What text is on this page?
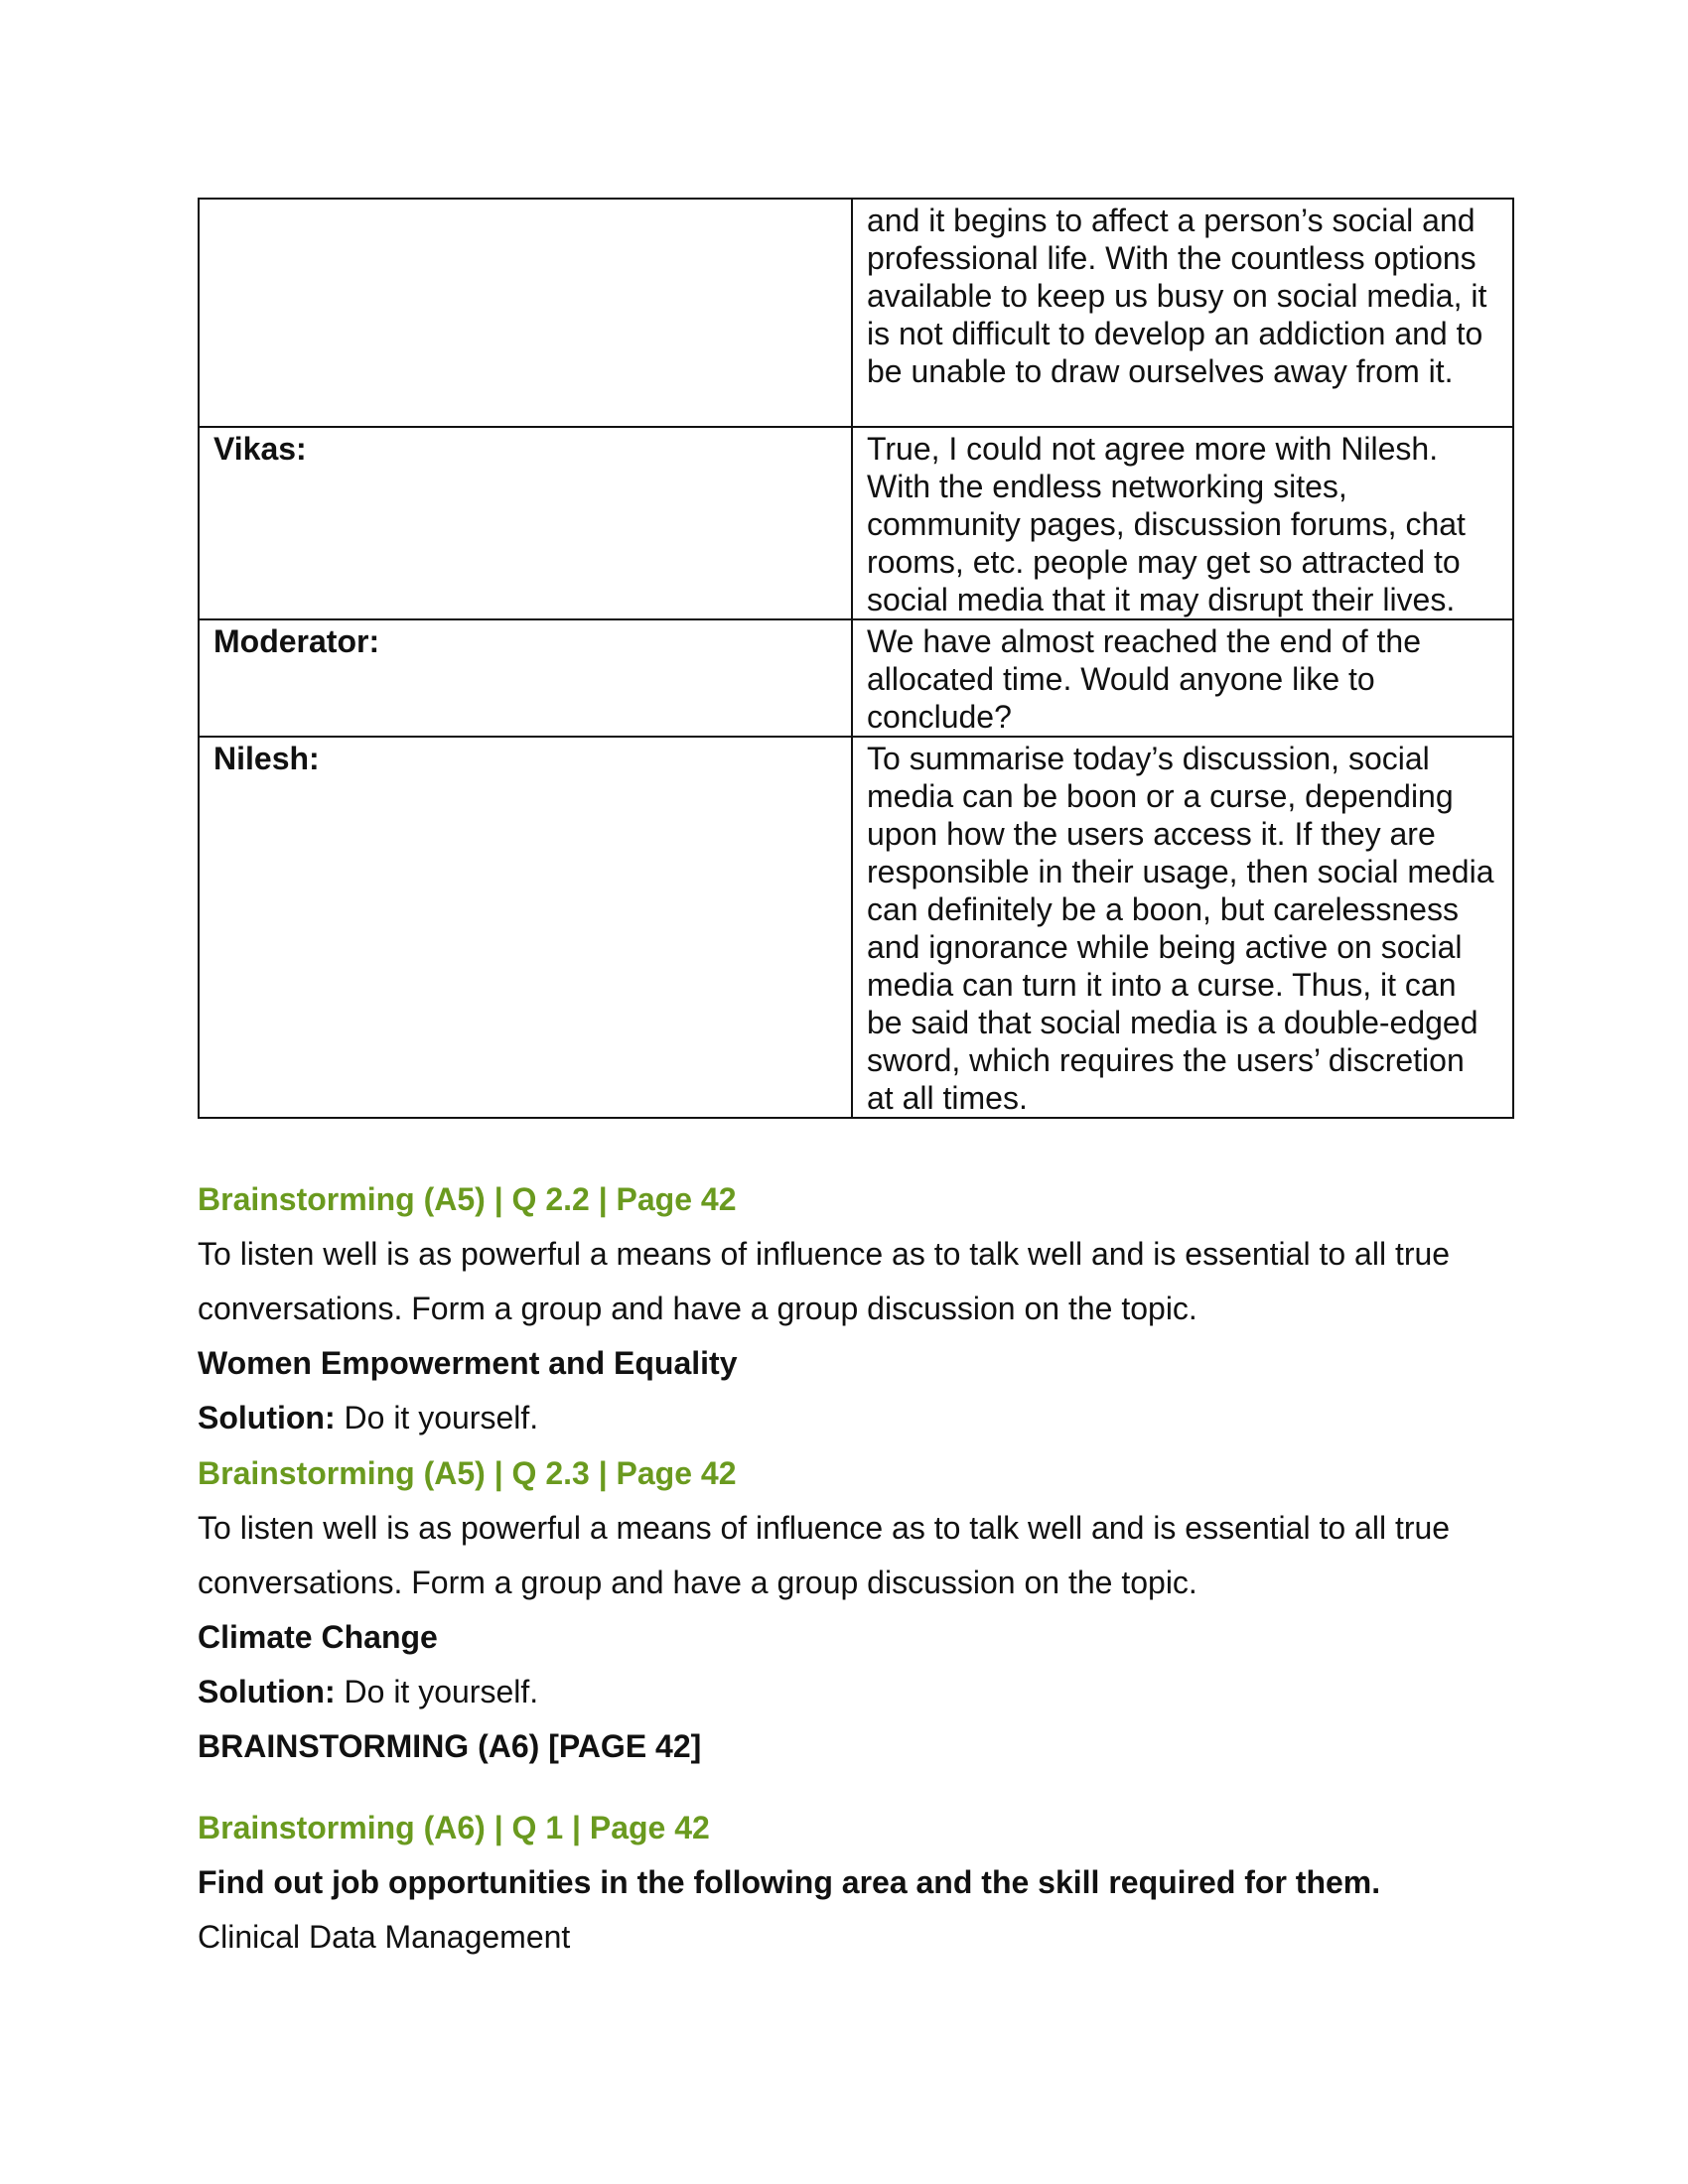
	and it begins to affect a person’s social and professional life. With the countless options available to keep us busy on social media, it is not difficult to develop an addiction and to be unable to draw ourselves away from it.
Vikas:	True, I could not agree more with Nilesh. With the endless networking sites, community pages, discussion forums, chat rooms, etc. people may get so attracted to social media that it may disrupt their lives.
Moderator:	We have almost reached the end of the allocated time. Would anyone like to conclude?
Nilesh:	To summarise today’s discussion, social media can be boon or a curse, depending upon how the users access it. If they are responsible in their usage, then social media can definitely be a boon, but carelessness and ignorance while being active on social media can turn it into a curse. Thus, it can be said that social media is a double-edged sword, which requires the users’ discretion at all times.

Brainstorming (A5) | Q 2.2 | Page 42

To listen well is as powerful a means of influence as to talk well and is essential to all true conversations. Form a group and have a group discussion on the topic.

Women Empowerment and Equality

Solution: Do it yourself.

Brainstorming (A5) | Q 2.3 | Page 42

To listen well is as powerful a means of influence as to talk well and is essential to all true conversations. Form a group and have a group discussion on the topic.

Climate Change

Solution: Do it yourself.

BRAINSTORMING (A6) [PAGE 42]

Brainstorming (A6) | Q 1 | Page 42

Find out job opportunities in the following area and the skill required for them.

Clinical Data Management
